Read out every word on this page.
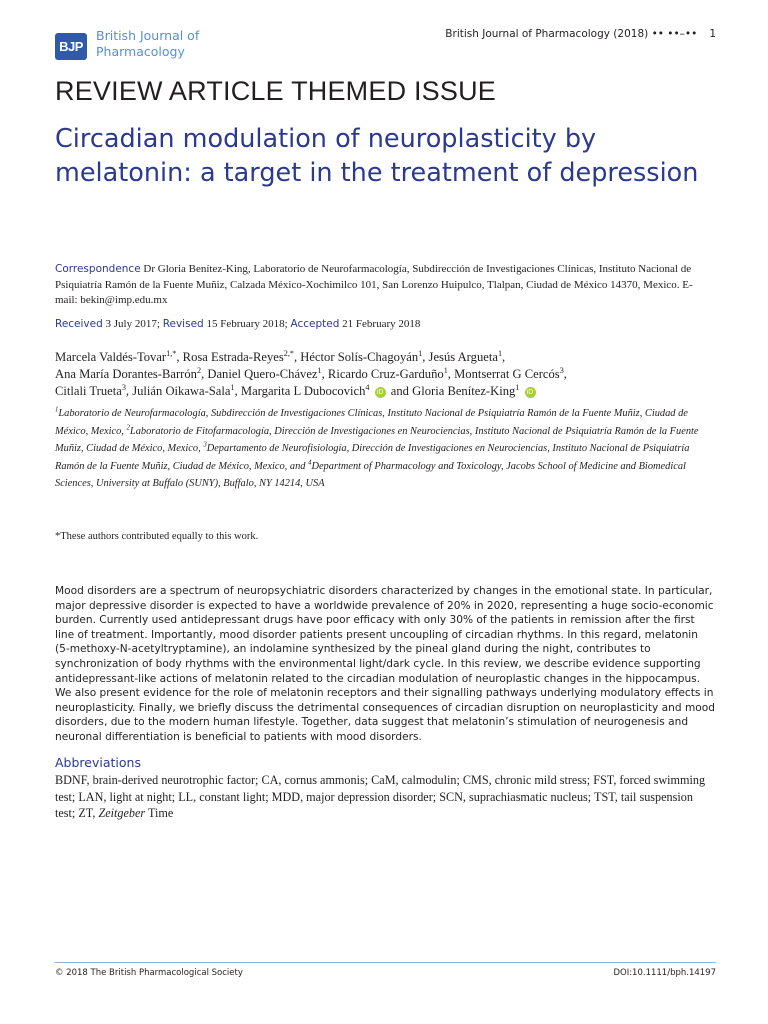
BJP
British Journal of
Pharmacology
British Journal of Pharmacology (2018) •• ••–•• 1
REVIEW ARTICLE THEMED ISSUE
Circadian modulation of neuroplasticity by melatonin: a target in the treatment of depression
Correspondence Dr Gloria Benítez-King, Laboratorio de Neurofarmacología, Subdirección de Investigaciones Clínicas, Instituto Nacional de Psiquiatría Ramón de la Fuente Muñiz, Calzada México-Xochimilco 101, San Lorenzo Huipulco, Tlalpan, Ciudad de México 14370, Mexico. E-mail: bekin@imp.edu.mx
Received 3 July 2017; Revised 15 February 2018; Accepted 21 February 2018
Marcela Valdés-Tovar$^{1,*}$, Rosa Estrada-Reyes$^{2,*}$, Héctor Solís-Chagoyán$^1$, Jesús Argueta$^1$,
Ana María Dorantes-Barrón$^2$, Daniel Quero-Chávez$^1$, Ricardo Cruz-Garduño$^1$, Montserrat G Cercós$^3$,
Citlali Trueta$^3$, Julián Oikawa-Sala$^1$, Margarita L Dubocovich$^4$ iD and Gloria Benítez-King$^1$ iD
$^1$Laboratorio de Neurofarmacología, Subdirección de Investigaciones Clínicas, Instituto Nacional de Psiquiatría Ramón de la Fuente Muñiz, Ciudad de México, Mexico, $^2$Laboratorio de Fitofarmacología, Dirección de Investigaciones en Neurociencias, Instituto Nacional de Psiquiatría Ramón de la Fuente Muñiz, Ciudad de México, Mexico, $^3$Departamento de Neurofisiología, Dirección de Investigaciones en Neurociencias, Instituto Nacional de Psiquiatría Ramón de la Fuente Muñiz, Ciudad de México, Mexico, and $^4$Department of Pharmacology and Toxicology, Jacobs School of Medicine and Biomedical Sciences, University at Buffalo (SUNY), Buffalo, NY 14214, USA
*These authors contributed equally to this work.
Mood disorders are a spectrum of neuropsychiatric disorders characterized by changes in the emotional state. In particular, major depressive disorder is expected to have a worldwide prevalence of 20% in 2020, representing a huge socio-economic burden. Currently used antidepressant drugs have poor efficacy with only 30% of the patients in remission after the first line of treatment. Importantly, mood disorder patients present uncoupling of circadian rhythms. In this regard, melatonin (5-methoxy-N-acetyltryptamine), an indolamine synthesized by the pineal gland during the night, contributes to synchronization of body rhythms with the environmental light/dark cycle. In this review, we describe evidence supporting antidepressant-like actions of melatonin related to the circadian modulation of neuroplastic changes in the hippocampus. We also present evidence for the role of melatonin receptors and their signalling pathways underlying modulatory effects in neuroplasticity. Finally, we briefly discuss the detrimental consequences of circadian disruption on neuroplasticity and mood disorders, due to the modern human lifestyle. Together, data suggest that melatonin’s stimulation of neurogenesis and neuronal differentiation is beneficial to patients with mood disorders.
Abbreviations
BDNF, brain-derived neurotrophic factor; CA, cornus ammonis; CaM, calmodulin; CMS, chronic mild stress; FST, forced swimming test; LAN, light at night; LL, constant light; MDD, major depression disorder; SCN, suprachiasmatic nucleus; TST, tail suspension test; ZT, Zeitgeber Time
© 2018 The British Pharmacological Society	DOI:10.1111/bph.14197
